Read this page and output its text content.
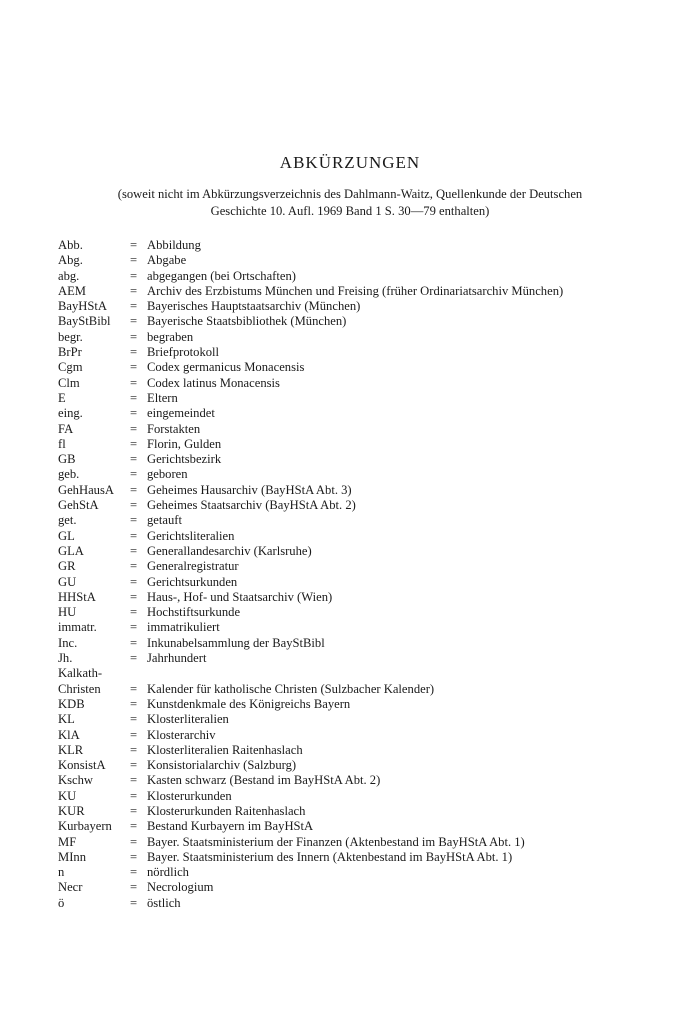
ABKÜRZUNGEN
(soweit nicht im Abkürzungsverzeichnis des Dahlmann-Waitz, Quellenkunde der Deutschen
Geschichte 10. Aufl. 1969 Band 1 S. 30—79 enthalten)
Abb.	= Abbildung
Abg.	= Abgabe
abg.	= abgegangen (bei Ortschaften)
AEM	= Archiv des Erzbistums München und Freising (früher Ordinariatsarchiv München)
BayHStA	= Bayerisches Hauptstaatsarchiv (München)
BayStBibl	= Bayerische Staatsbibliothek (München)
begr.	= begraben
BrPr	= Briefprotokoll
Cgm	= Codex germanicus Monacensis
Clm	= Codex latinus Monacensis
E	= Eltern
eing.	= eingemeindet
FA	= Forstakten
fl	= Florin, Gulden
GB	= Gerichtsbezirk
geb.	= geboren
GehHausA	= Geheimes Hausarchiv (BayHStA Abt. 3)
GehStA	= Geheimes Staatsarchiv (BayHStA Abt. 2)
get.	= getauft
GL	= Gerichtsliteralien
GLA	= Generallandesarchiv (Karlsruhe)
GR	= Generalregistratur
GU	= Gerichtsurkunden
HHStA	= Haus-, Hof- und Staatsarchiv (Wien)
HU	= Hochstiftsurkunde
immatr.	= immatrikuliert
Inc.	= Inkunabelsammlung der BayStBibl
Jh.	= Jahrhundert
Kalkath-
Christen	= Kalender für katholische Christen (Sulzbacher Kalender)
KDB	= Kunstdenkmale des Königreichs Bayern
KL	= Klosterliteralien
KlA	= Klosterarchiv
KLR	= Klosterliteralien Raitenhaslach
KonsistA	= Konsistorialarchiv (Salzburg)
Kschw	= Kasten schwarz (Bestand im BayHStA Abt. 2)
KU	= Klosterurkunden
KUR	= Klosterurkunden Raitenhaslach
Kurbayern	= Bestand Kurbayern im BayHStA
MF	= Bayer. Staatsministerium der Finanzen (Aktenbestand im BayHStA Abt. 1)
MInn	= Bayer. Staatsministerium des Innern (Aktenbestand im BayHStA Abt. 1)
n	= nördlich
Necr	= Necrologium
ö	= östlich
